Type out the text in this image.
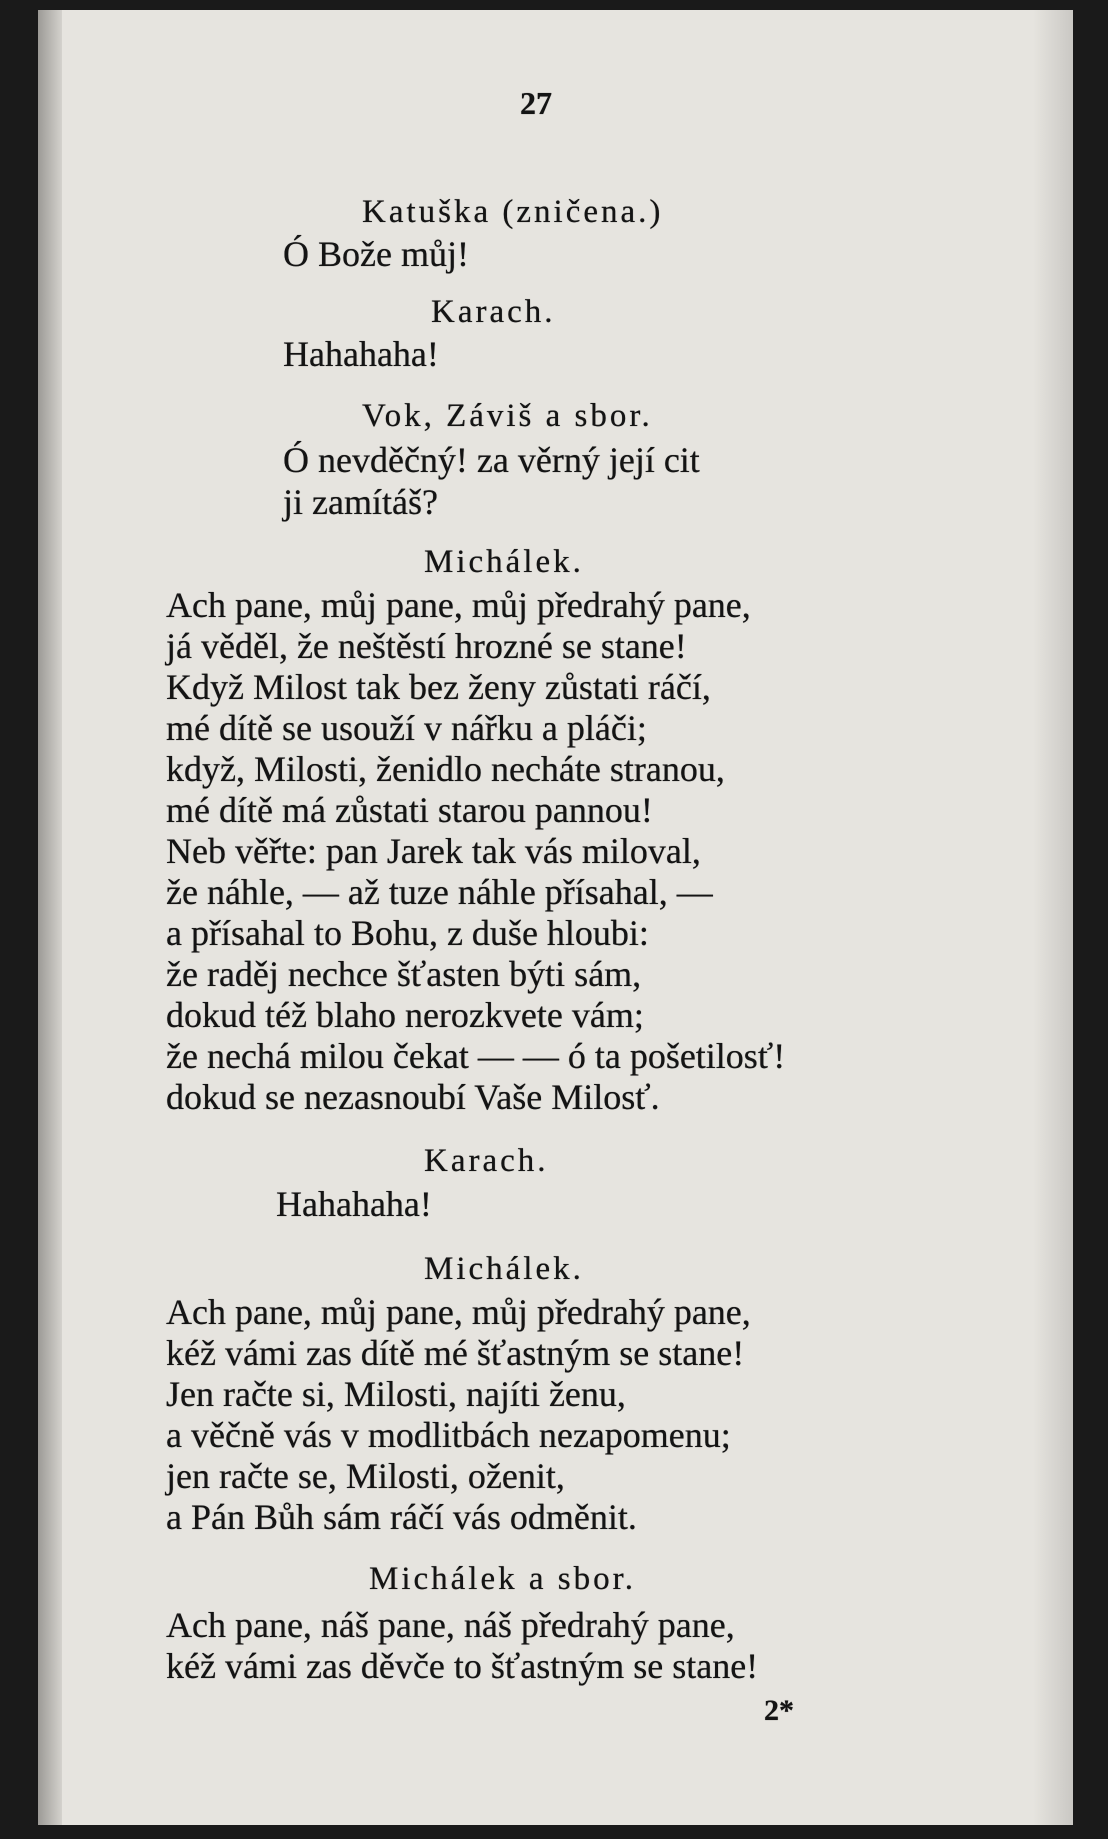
27
Katuška (zničena.)
Ó Bože můj!
Karach.
Hahahaha!
Vok, Záviš a sbor.
Ó nevděčný! za věrný její cit
ji zamítáš?
Michálek.
Ach pane, můj pane, můj předrahý pane,
já věděl, že neštěstí hrozné se stane!
Když Milost tak bez ženy zůstati ráčí,
mé dítě se usouží v nářku a pláči;
když, Milosti, ženidlo necháte stranou,
mé dítě má zůstati starou pannou!
Neb věřte: pan Jarek tak vás miloval,
že náhle, — až tuze náhle přísahal, —
a přísahal to Bohu, z duše hloubi:
že raděj nechce šťasten býti sám,
dokud též blaho nerozkvete vám;
že nechá milou čekat — — ó ta pošetilosť!
dokud se nezasnoubí Vaše Milosť.
Karach.
Hahahaha!
Michálek.
Ach pane, můj pane, můj předrahý pane,
kéž vámi zas dítě mé šťastným se stane!
Jen račte si, Milosti, najíti ženu,
a věčně vás v modlitbách nezapomenu;
jen račte se, Milosti, oženit,
a Pán Bůh sám ráčí vás odměnit.
Michálek a sbor.
Ach pane, náš pane, náš předrahý pane,
kéž vámi zas děvče to šťastným se stane!
2*
